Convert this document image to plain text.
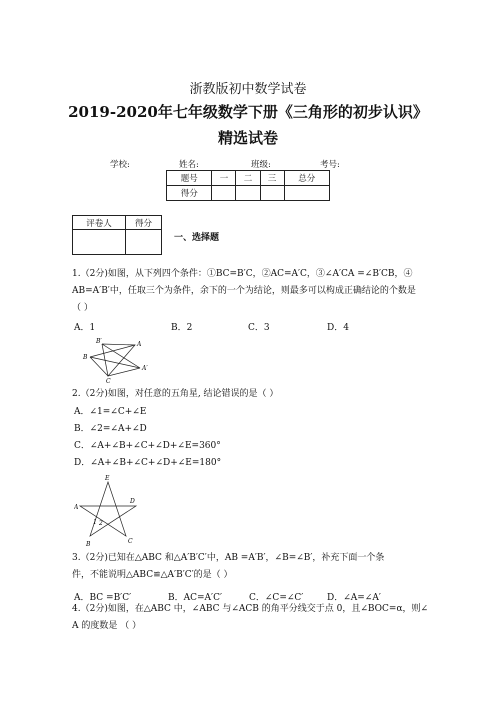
浙教版初中数学试卷
2019-2020年七年级数学下册《三角形的初步认识》
精选试卷
学校:	姓名:	班级:	考号:
题号	一	二	三	总分
得分				
评卷人	得分

一、选择题
1.（2分)如图，从下列四个条件：①BC=B′C，②AC=A′C，③∠A′CA =∠B′CB，④
AB=A′B′中，任取三个为条件，余下的一个为结论，则最多可以构成正确结论的个数是
（ ）
A．1	B．2	C．3	D．4
B′	A
B
A′
C
2.（2分)如图，对任意的五角星, 结论错误的是（ ）
A．∠1=∠C+∠E
B．∠2=∠A+∠D
C．∠A+∠B+∠C+∠D+∠E=360°
D．∠A+∠B+∠C+∠D+∠E=180°
E
D
A
1 2
C
B
3.（2分)已知在△ABC 和△A′B′C′中，AB =A′B′，∠B=∠B′，补充下面一个条
件，不能说明△ABC≌△A′B′C′的是（ ）
A．BC =B′C′	B．AC=A′C′	C．∠C=∠C′	D．∠A=∠A′
4.（2分)如图，在△ABC 中，∠ABC 与∠ACB 的角平分线交于点 0，且∠BOC=α，则∠
A 的度数是 （ ）
